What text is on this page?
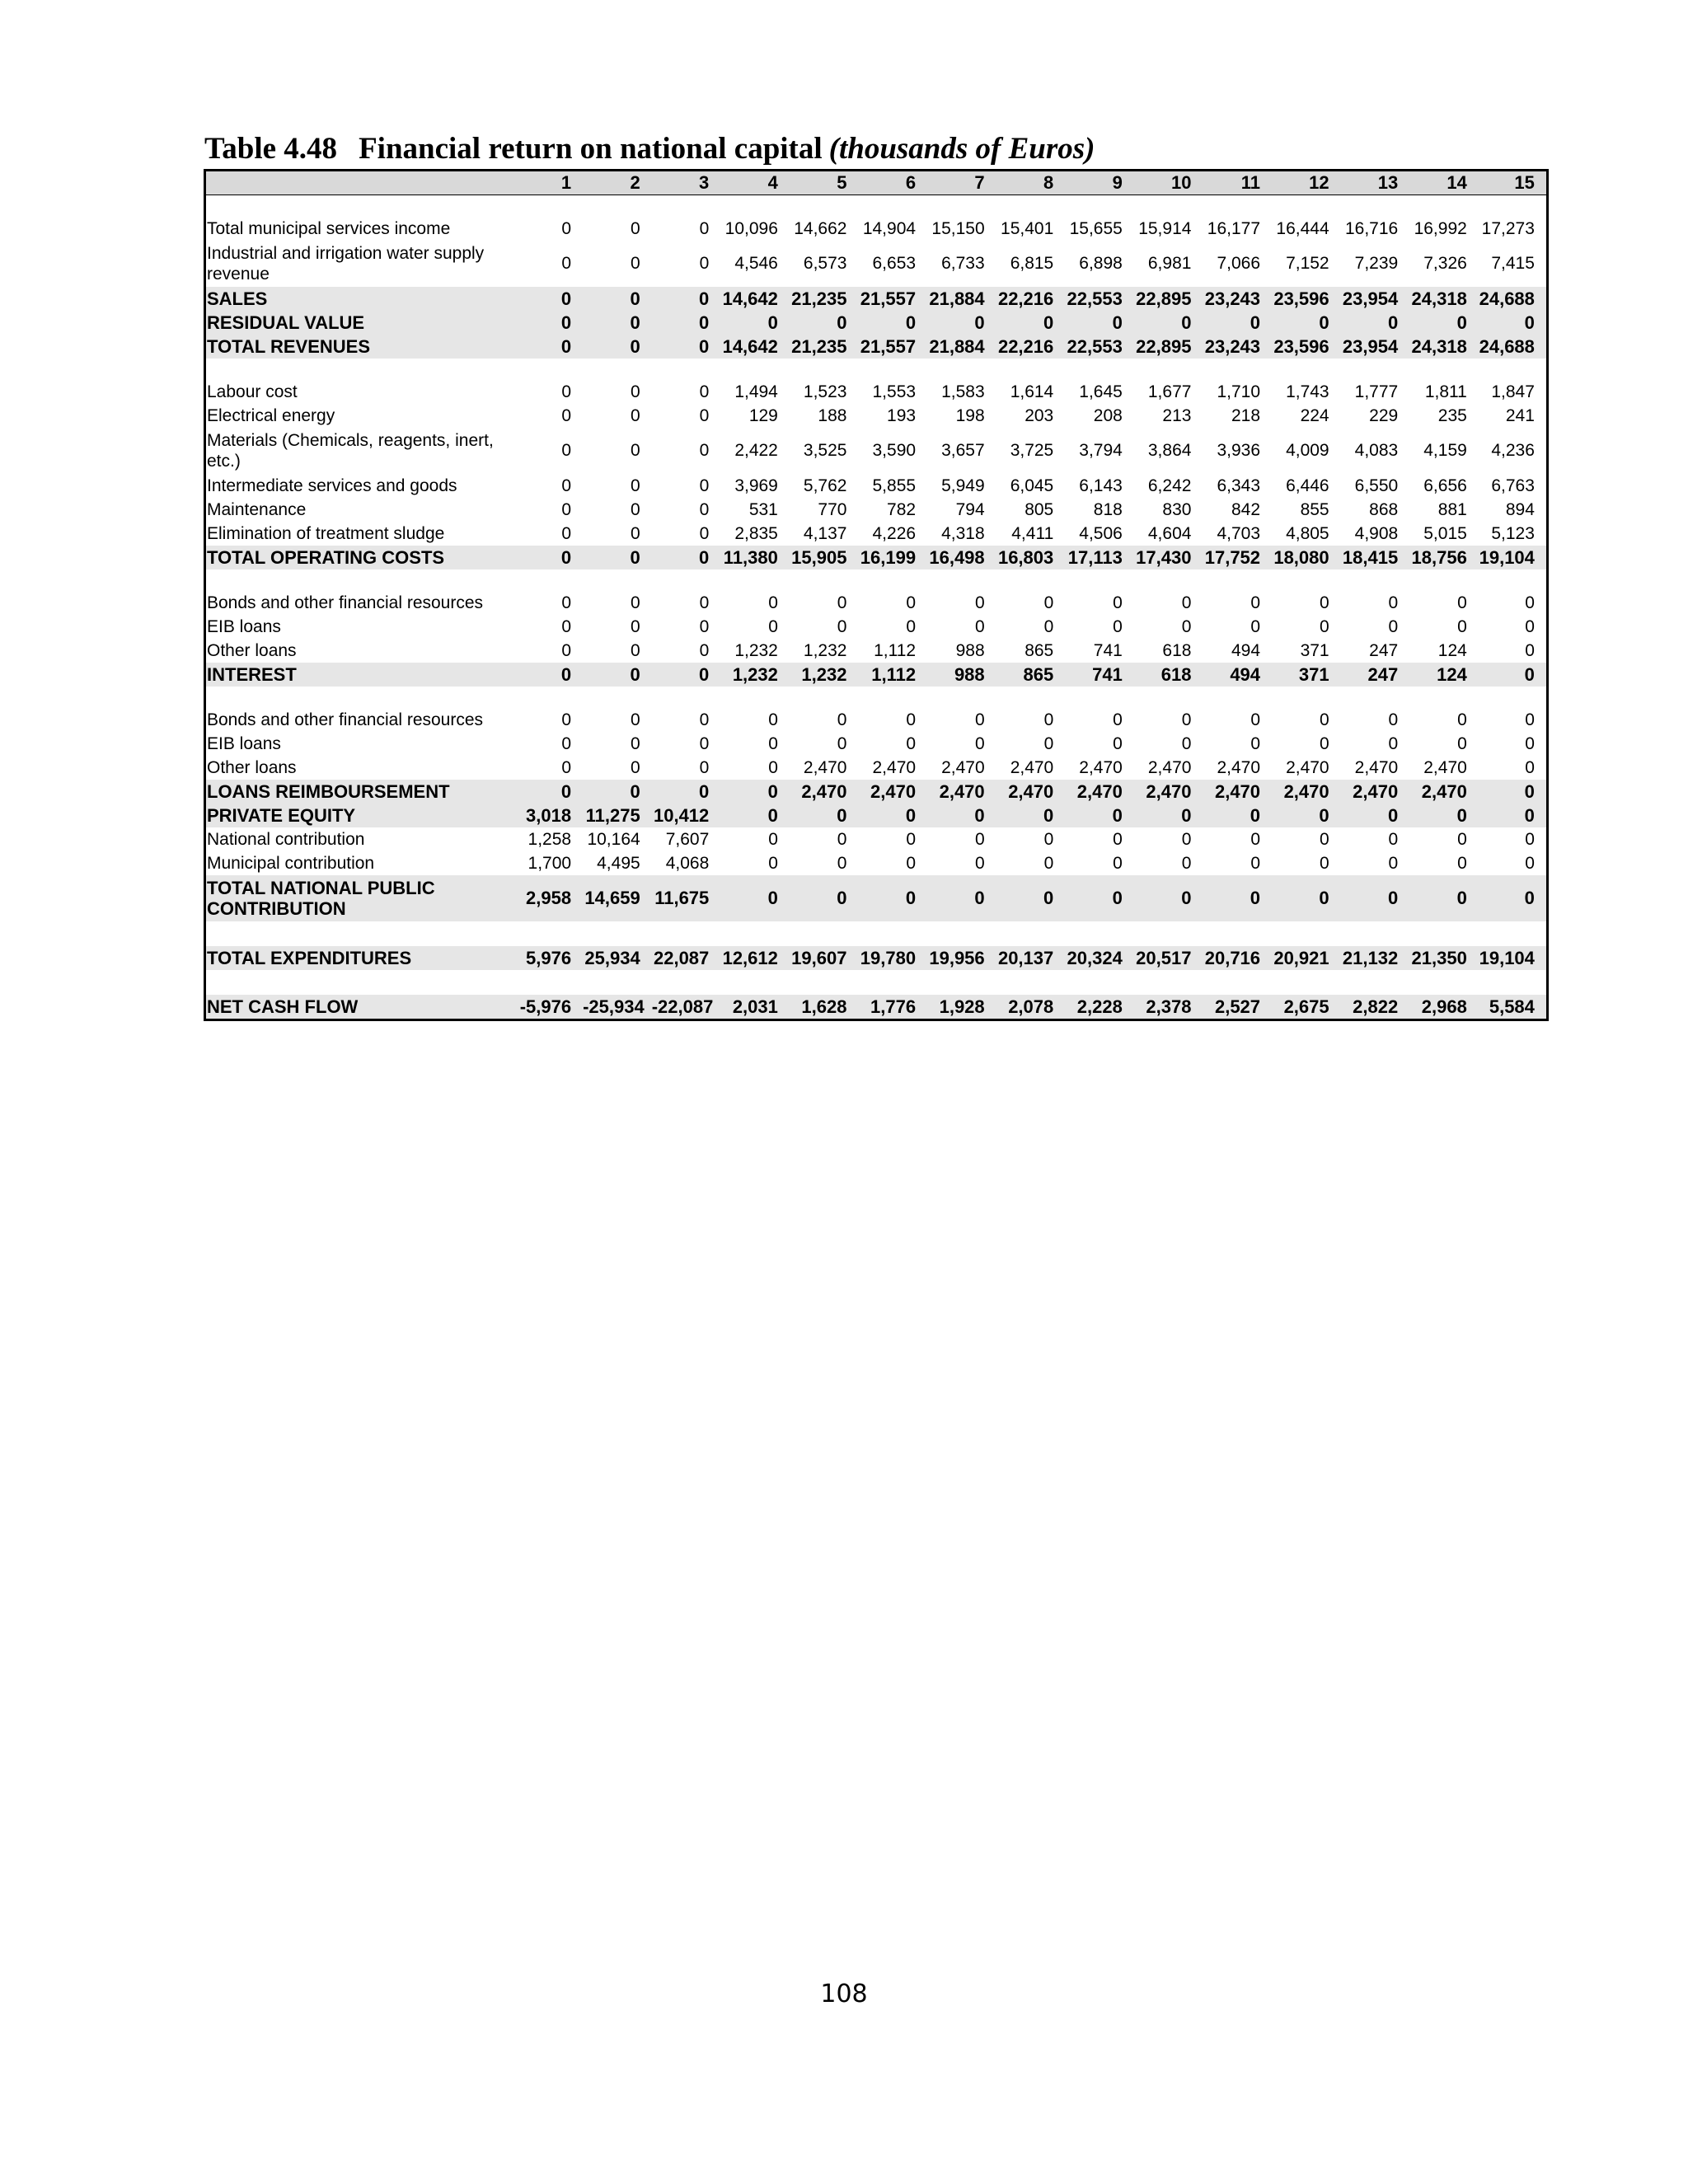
Table 4.48 Financial return on national capital (thousands of Euros)
	1	2	3	4	5	6	7	8	9	10	11	12	13	14	15

Total municipal services income	0	0	0	10,096	14,662	14,904	15,150	15,401	15,655	15,914	16,177	16,444	16,716	16,992	17,273
Industrial and irrigation water supply revenue	0	0	0	4,546	6,573	6,653	6,733	6,815	6,898	6,981	7,066	7,152	7,239	7,326	7,415
SALES	0	0	0	14,642	21,235	21,557	21,884	22,216	22,553	22,895	23,243	23,596	23,954	24,318	24,688
RESIDUAL VALUE	0	0	0	0	0	0	0	0	0	0	0	0	0	0	0
TOTAL REVENUES	0	0	0	14,642	21,235	21,557	21,884	22,216	22,553	22,895	23,243	23,596	23,954	24,318	24,688

Labour cost	0	0	0	1,494	1,523	1,553	1,583	1,614	1,645	1,677	1,710	1,743	1,777	1,811	1,847
Electrical energy	0	0	0	129	188	193	198	203	208	213	218	224	229	235	241
Materials (Chemicals, reagents, inert, etc.)	0	0	0	2,422	3,525	3,590	3,657	3,725	3,794	3,864	3,936	4,009	4,083	4,159	4,236
Intermediate services and goods	0	0	0	3,969	5,762	5,855	5,949	6,045	6,143	6,242	6,343	6,446	6,550	6,656	6,763
Maintenance	0	0	0	531	770	782	794	805	818	830	842	855	868	881	894
Elimination of treatment sludge	0	0	0	2,835	4,137	4,226	4,318	4,411	4,506	4,604	4,703	4,805	4,908	5,015	5,123
TOTAL OPERATING COSTS	0	0	0	11,380	15,905	16,199	16,498	16,803	17,113	17,430	17,752	18,080	18,415	18,756	19,104

Bonds and other financial resources	0	0	0	0	0	0	0	0	0	0	0	0	0	0	0
EIB loans	0	0	0	0	0	0	0	0	0	0	0	0	0	0	0
Other loans	0	0	0	1,232	1,232	1,112	988	865	741	618	494	371	247	124	0
INTEREST	0	0	0	1,232	1,232	1,112	988	865	741	618	494	371	247	124	0

Bonds and other financial resources	0	0	0	0	0	0	0	0	0	0	0	0	0	0	0
EIB loans	0	0	0	0	0	0	0	0	0	0	0	0	0	0	0
Other loans	0	0	0	0	2,470	2,470	2,470	2,470	2,470	2,470	2,470	2,470	2,470	2,470	0
LOANS REIMBOURSEMENT	0	0	0	0	2,470	2,470	2,470	2,470	2,470	2,470	2,470	2,470	2,470	2,470	0
PRIVATE EQUITY	3,018	11,275	10,412	0	0	0	0	0	0	0	0	0	0	0	0
National contribution	1,258	10,164	7,607	0	0	0	0	0	0	0	0	0	0	0	0
Municipal contribution	1,700	4,495	4,068	0	0	0	0	0	0	0	0	0	0	0	0
TOTAL NATIONAL PUBLIC CONTRIBUTION	2,958	14,659	11,675	0	0	0	0	0	0	0	0	0	0	0	0

TOTAL EXPENDITURES	5,976	25,934	22,087	12,612	19,607	19,780	19,956	20,137	20,324	20,517	20,716	20,921	21,132	21,350	19,104

NET CASH FLOW	-5,976	-25,934	-22,087	2,031	1,628	1,776	1,928	2,078	2,228	2,378	2,527	2,675	2,822	2,968	5,584
108
